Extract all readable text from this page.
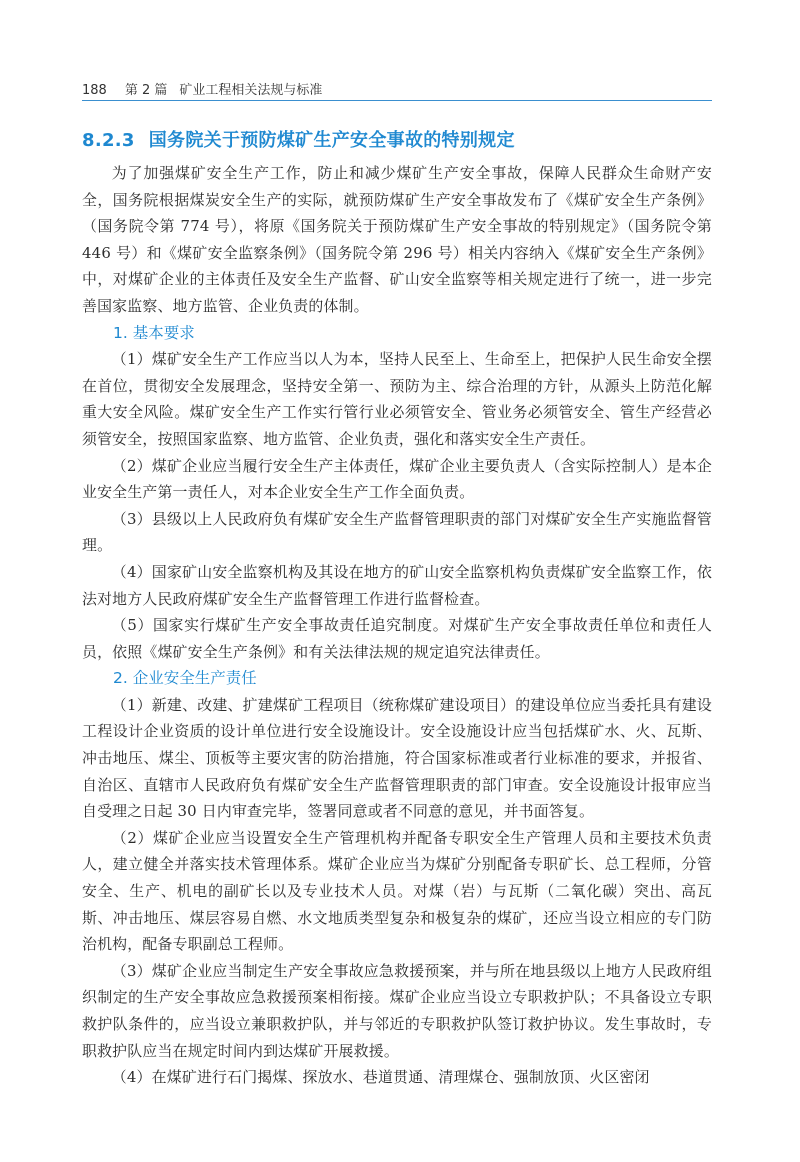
188 第 2 篇 矿业工程相关法规与标准
8.2.3 国务院关于预防煤矿生产安全事故的特别规定

为了加强煤矿安全生产工作，防止和减少煤矿生产安全事故，保障人民群众生命财产安全，国务院根据煤炭安全生产的实际，就预防煤矿生产安全事故发布了《煤矿安全生产条例》（国务院令第 774 号），将原《国务院关于预防煤矿生产安全事故的特别规定》（国务院令第 446 号）和《煤矿安全监察条例》（国务院令第 296 号）相关内容纳入《煤矿安全生产条例》中，对煤矿企业的主体责任及安全生产监督、矿山安全监察等相关规定进行了统一，进一步完善国家监察、地方监管、企业负责的体制。

1. 基本要求

（1）煤矿安全生产工作应当以人为本，坚持人民至上、生命至上，把保护人民生命安全摆在首位，贯彻安全发展理念，坚持安全第一、预防为主、综合治理的方针，从源头上防范化解重大安全风险。煤矿安全生产工作实行管行业必须管安全、管业务必须管安全、管生产经营必须管安全，按照国家监察、地方监管、企业负责，强化和落实安全生产责任。

（2）煤矿企业应当履行安全生产主体责任，煤矿企业主要负责人（含实际控制人）是本企业安全生产第一责任人，对本企业安全生产工作全面负责。

（3）县级以上人民政府负有煤矿安全生产监督管理职责的部门对煤矿安全生产实施监督管理。

（4）国家矿山安全监察机构及其设在地方的矿山安全监察机构负责煤矿安全监察工作，依法对地方人民政府煤矿安全生产监督管理工作进行监督检查。

（5）国家实行煤矿生产安全事故责任追究制度。对煤矿生产安全事故责任单位和责任人员，依照《煤矿安全生产条例》和有关法律法规的规定追究法律责任。

2. 企业安全生产责任

（1）新建、改建、扩建煤矿工程项目（统称煤矿建设项目）的建设单位应当委托具有建设工程设计企业资质的设计单位进行安全设施设计。安全设施设计应当包括煤矿水、火、瓦斯、冲击地压、煤尘、顶板等主要灾害的防治措施，符合国家标准或者行业标准的要求，并报省、自治区、直辖市人民政府负有煤矿安全生产监督管理职责的部门审查。安全设施设计报审应当自受理之日起 30 日内审查完毕，签署同意或者不同意的意见，并书面答复。

（2）煤矿企业应当设置安全生产管理机构并配备专职安全生产管理人员和主要技术负责人，建立健全并落实技术管理体系。煤矿企业应当为煤矿分别配备专职矿长、总工程师，分管安全、生产、机电的副矿长以及专业技术人员。对煤（岩）与瓦斯（二氧化碳）突出、高瓦斯、冲击地压、煤层容易自燃、水文地质类型复杂和极复杂的煤矿，还应当设立相应的专门防治机构，配备专职副总工程师。

（3）煤矿企业应当制定生产安全事故应急救援预案，并与所在地县级以上地方人民政府组织制定的生产安全事故应急救援预案相衔接。煤矿企业应当设立专职救护队；不具备设立专职救护队条件的，应当设立兼职救护队，并与邻近的专职救护队签订救护协议。发生事故时，专职救护队应当在规定时间内到达煤矿开展救援。

（4）在煤矿进行石门揭煤、探放水、巷道贯通、清理煤仓、强制放顶、火区密闭
